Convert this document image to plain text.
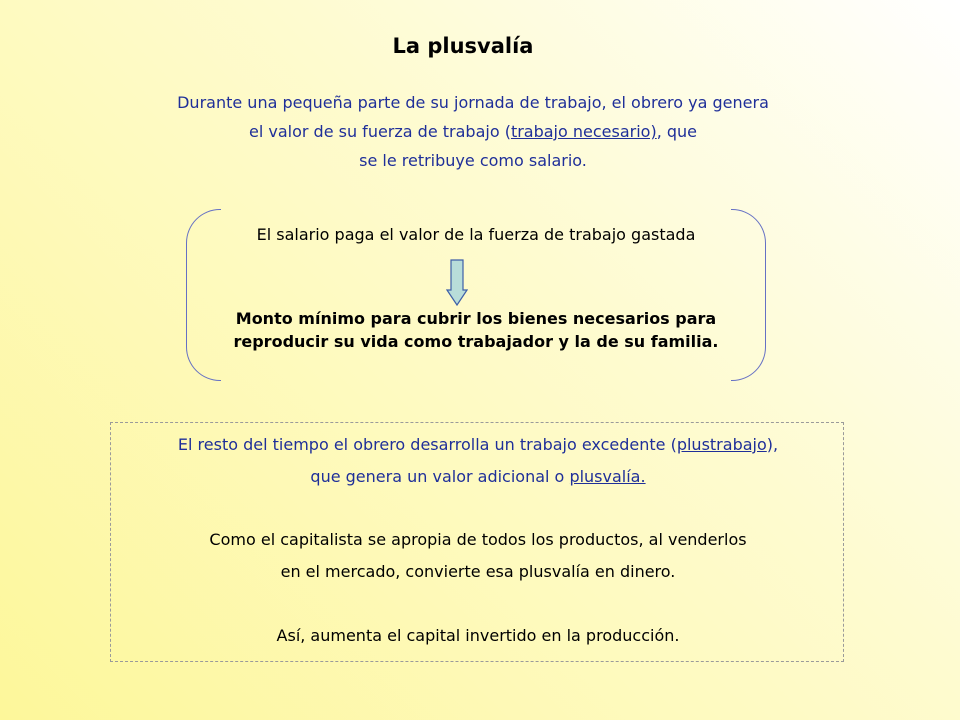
La plusvalía
Durante una pequeña parte de su jornada de trabajo, el obrero ya genera
el valor de su fuerza de trabajo (trabajo necesario), que
se le retribuye como salario.
El salario paga el valor de la fuerza de trabajo gastada
Monto mínimo para cubrir los bienes necesarios para
reproducir su vida como trabajador y la de su familia.
El resto del tiempo el obrero desarrolla un trabajo excedente (plustrabajo),
que genera un valor adicional o plusvalía.
Como el capitalista se apropia de todos los productos, al venderlos
en el mercado, convierte esa plusvalía en dinero.
Así, aumenta el capital invertido en la producción.
